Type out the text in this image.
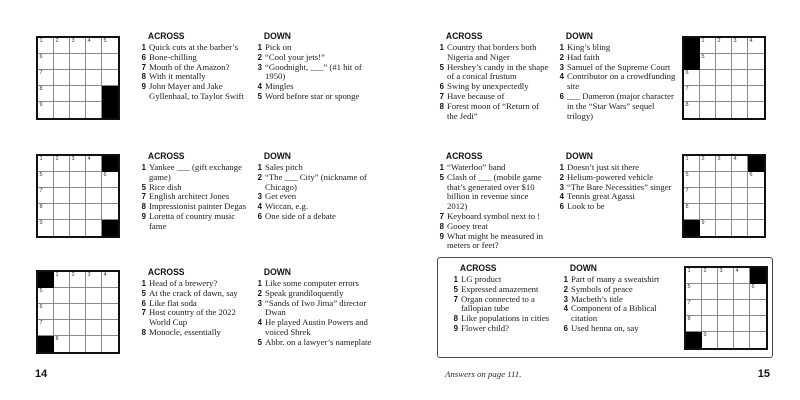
1 2 3 4 5
6
7
8
9
ACROSS
1 Quick cuts at the barber’s
6 Bone-chilling
7 Mouth of the Amazon?
8 With it mentally
9 John Mayer and Jake Gyllenhaal, to Taylor Swift
DOWN
1 Pick on
2 “Cool your jets!”
3 “Goodnight, ___” (#1 hit of 1950)
4 Mingles
5 Word before star or sponge
1 2 3 4
5
6
7
8
ACROSS
1 Country that borders both Nigeria and Niger
5 Hershey’s candy in the shape of a conical frustum
6 Swing by unexpectedly
7 Have because of
8 Forest moon of “Return of the Jedi”
DOWN
1 King’s bling
2 Had faith
3 Samuel of the Supreme Court
4 Contributor on a crowdfunding site
6 ___ Dameron (major character in the “Star Wars” sequel trilogy)
1 2 3 4
5	6
7
8
9
ACROSS
1 Yankee ___ (gift exchange game)
5 Rice dish
7 English architect Jones
8 Impressionist painter Degas
9 Loretta of country music fame
DOWN
1 Sales pitch
2 “The ___ City” (nickname of Chicago)
3 Get even
4 Wiccan, e.g.
6 One side of a debate
1 2 3 4
5	6
7
8
9
ACROSS
1 “Waterloo” band
5 Clash of ___ (mobile game that’s generated over $10 billion in revenue since 2012)
7 Keyboard symbol next to !
8 Gooey treat
9 What might be measured in meters or feet?
DOWN
1 Doesn’t just sit there
2 Helium-powered vehicle
3 “The Bare Necessities” singer
4 Tennis great Agassi
6 Look to be
1 2 3 4
5
6
7
8
ACROSS
1 Head of a brewery?
5 At the crack of dawn, say
6 Like flat soda
7 Host country of the 2022 World Cup
8 Monocle, essentially
DOWN
1 Like some computer errors
2 Speak grandiloquently
3 “Sands of Iwo Jima” director Dwan
4 He played Austin Powers and voiced Shrek
5 Abbr. on a lawyer’s nameplate
1 2 3 4
5	6
7
8
9
ACROSS
1 LG product
5 Expressed amazement
7 Organ connected to a fallopian tube
8 Like populations in cities
9 Flower child?
DOWN
1 Part of many a sweatshirt
2 Symbols of peace
3 Macbeth’s title
4 Component of a Biblical citation
6 Used henna on, say
14	Answers on page 111.	15
